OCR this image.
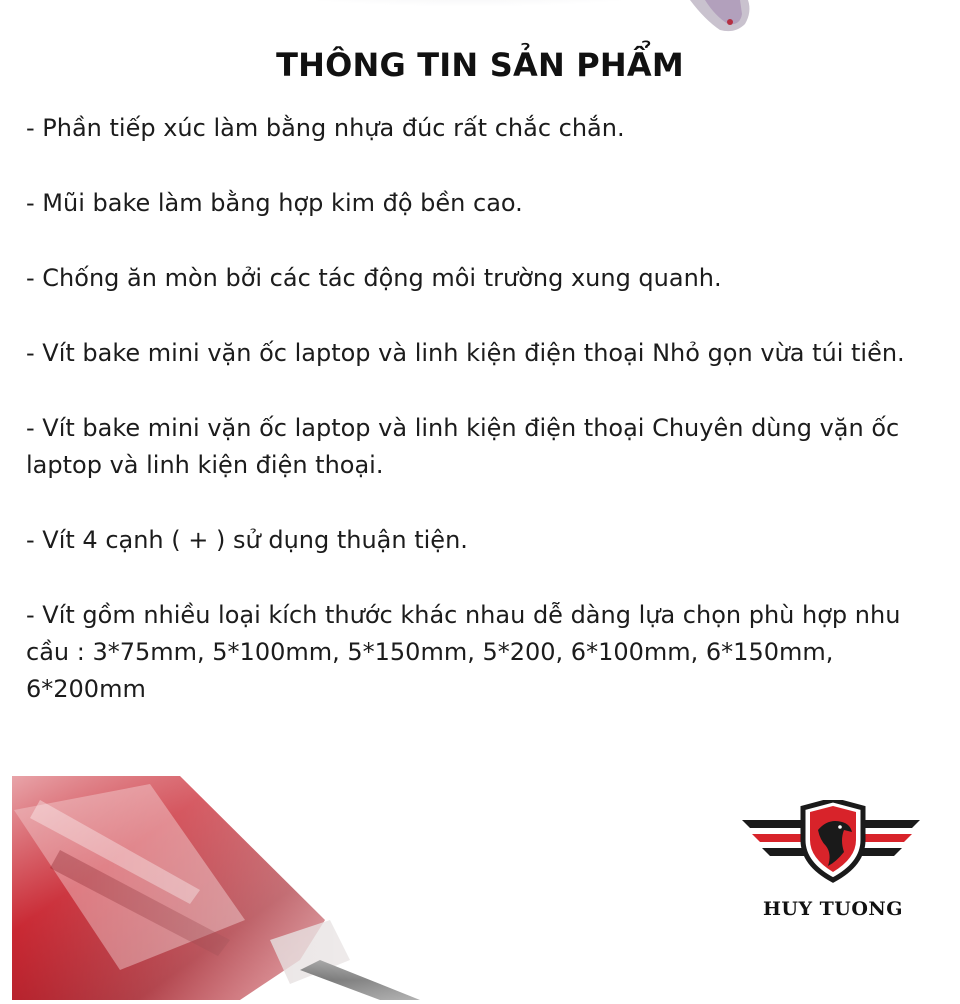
THÔNG TIN SẢN PHẨM
- Phần tiếp xúc làm bằng nhựa đúc rất chắc chắn.
- Mũi bake làm bằng hợp kim độ bền cao.
- Chống ăn mòn bởi các tác động môi trường xung quanh.
- Vít bake mini vặn ốc laptop và linh kiện điện thoại Nhỏ gọn vừa túi tiền.
- Vít bake mini vặn ốc laptop và linh kiện điện thoại Chuyên dùng vặn ốc laptop và linh kiện điện thoại.
- Vít 4 cạnh ( + ) sử dụng thuận tiện.
- Vít gồm nhiều loại kích thước khác nhau dễ dàng lựa chọn phù hợp nhu cầu : 3*75mm, 5*100mm, 5*150mm, 5*200, 6*100mm, 6*150mm, 6*200mm
HUY TUONG
